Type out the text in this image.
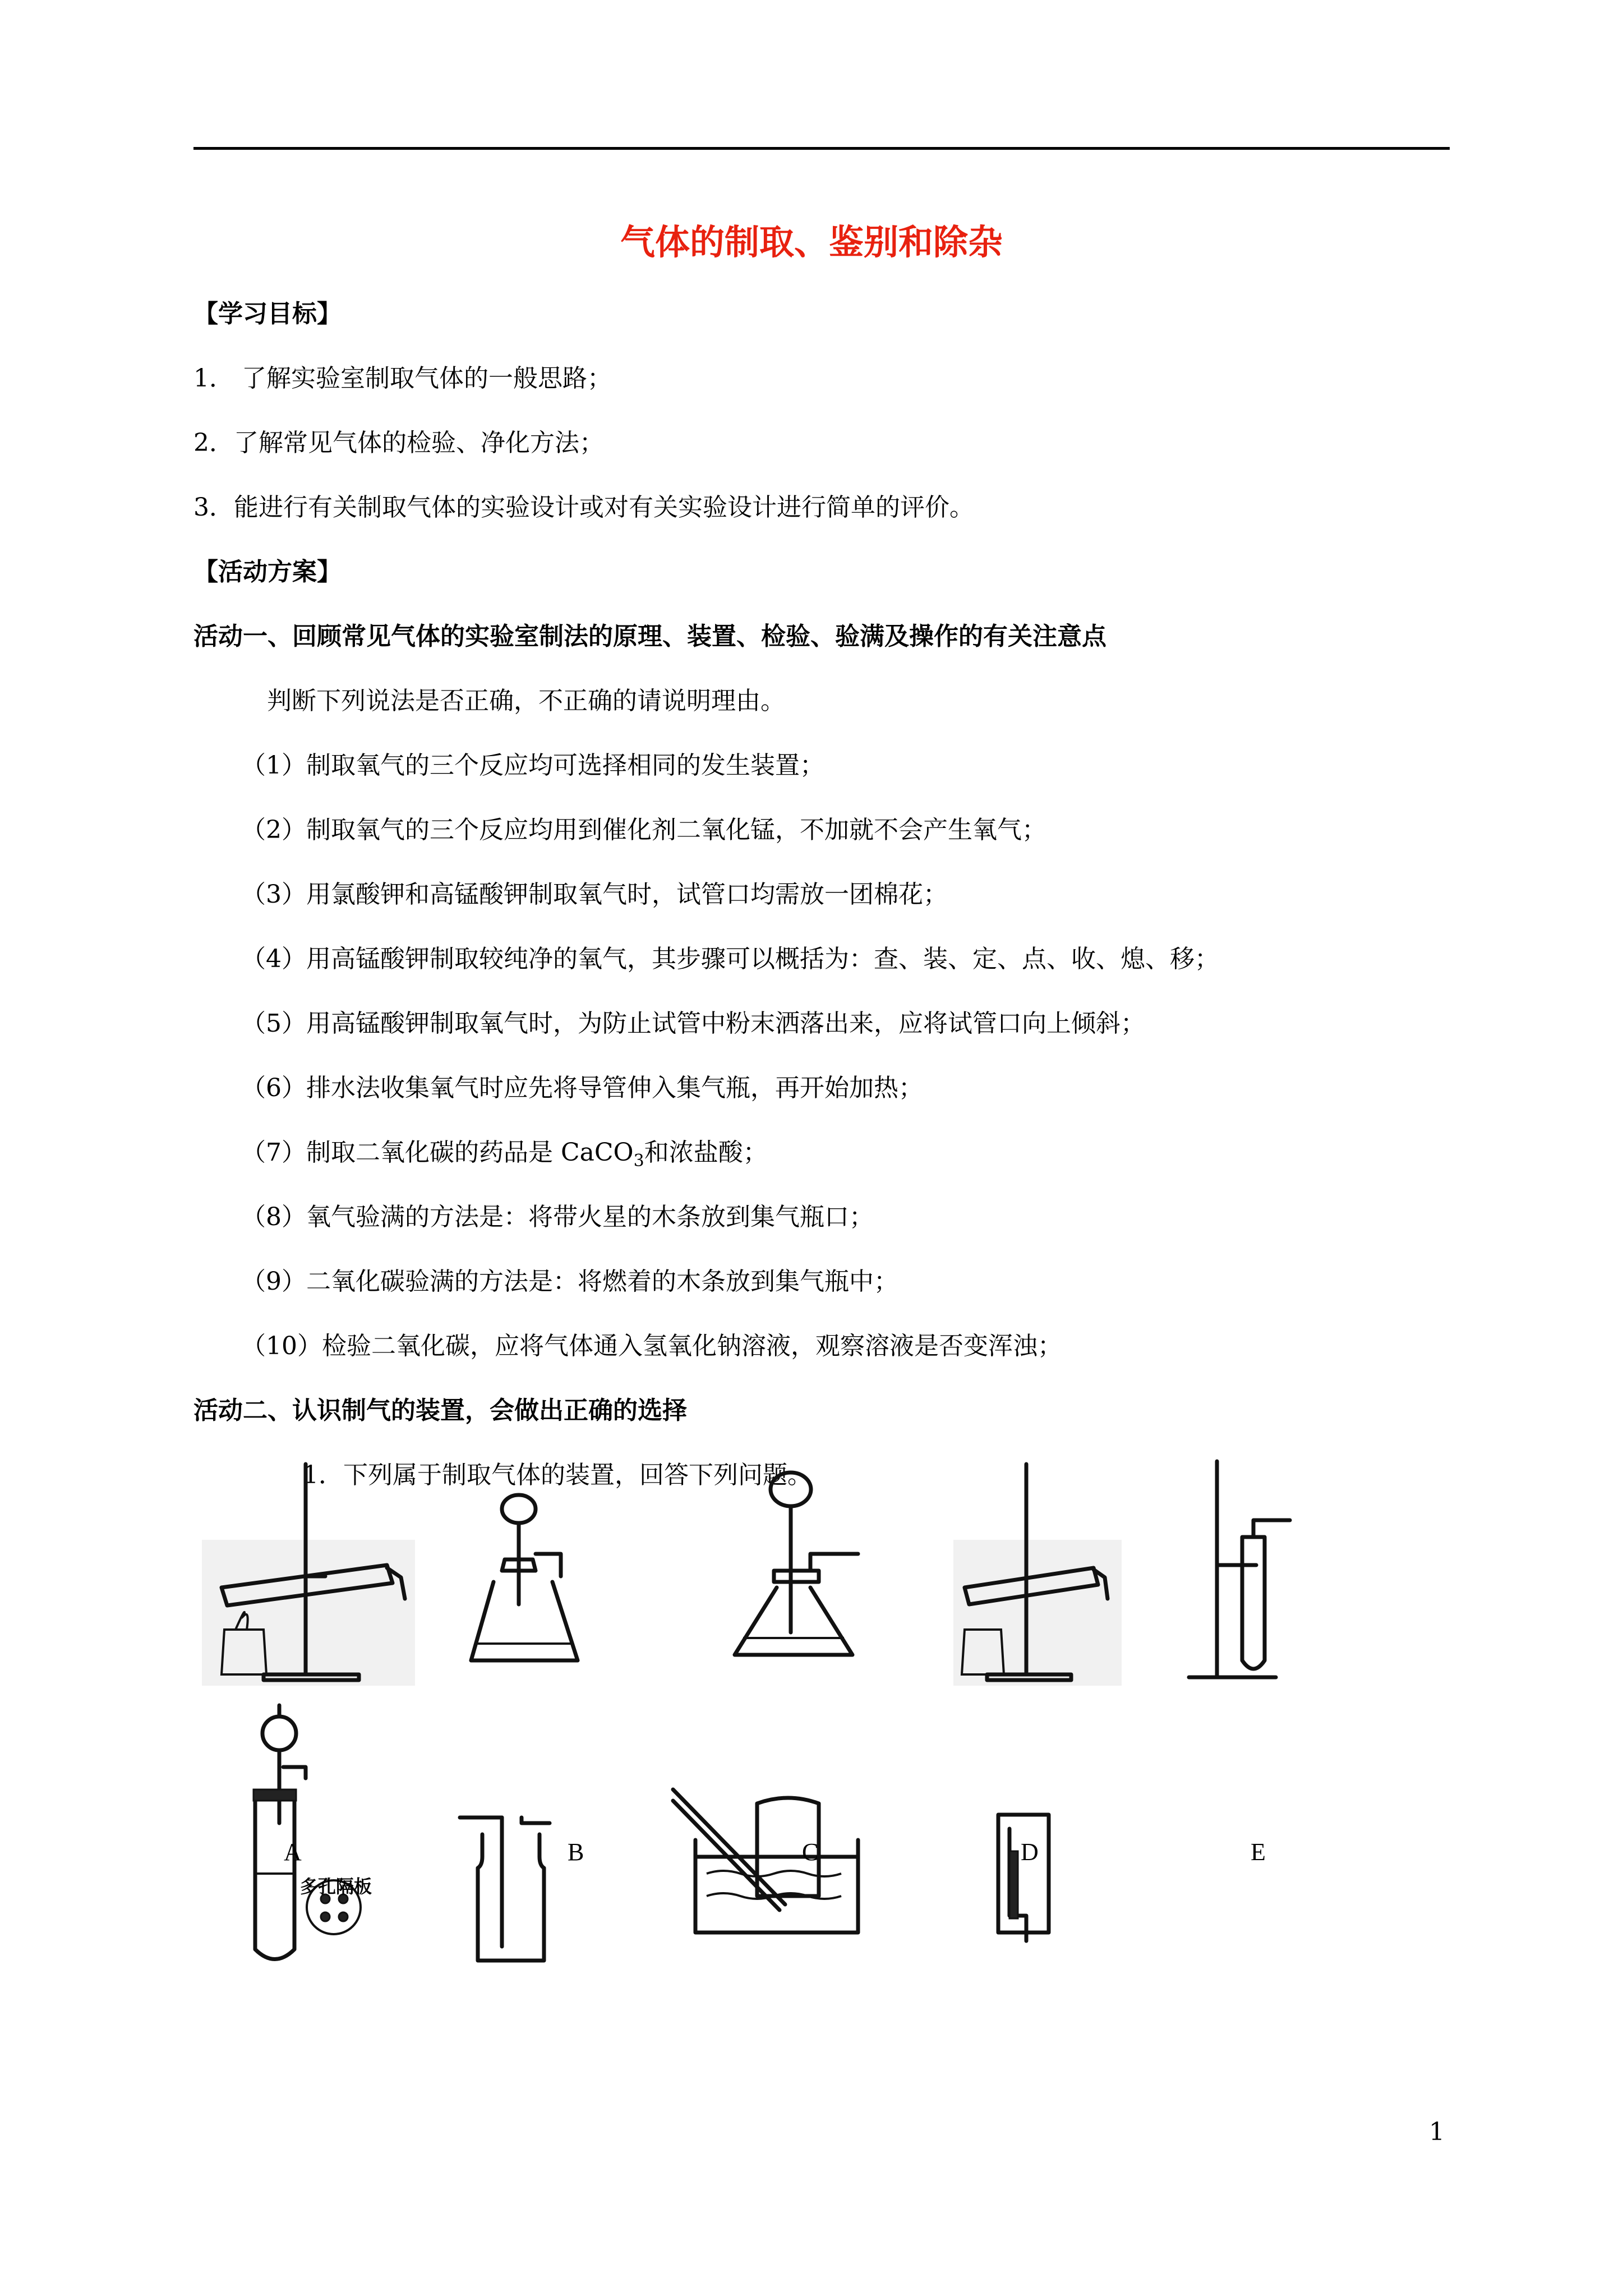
气体的制取、鉴别和除杂
【学习目标】
1． 了解实验室制取气体的一般思路；
2．了解常见气体的检验、净化方法；
3．能进行有关制取气体的实验设计或对有关实验设计进行简单的评价。
【活动方案】
活动一、回顾常见气体的实验室制法的原理、装置、检验、验满及操作的有关注意点
判断下列说法是否正确，不正确的请说明理由。
（1）制取氧气的三个反应均可选择相同的发生装置；
（2）制取氧气的三个反应均用到催化剂二氧化锰，不加就不会产生氧气；
（3）用氯酸钾和高锰酸钾制取氧气时，试管口均需放一团棉花；
（4）用高锰酸钾制取较纯净的氧气，其步骤可以概括为：查、装、定、点、收、熄、移；
（5）用高锰酸钾制取氧气时，为防止试管中粉末洒落出来，应将试管口向上倾斜；
（6）排水法收集氧气时应先将导管伸入集气瓶，再开始加热；
（7）制取二氧化碳的药品是 CaCO$_3$和浓盐酸；
（8）氧气验满的方法是：将带火星的木条放到集气瓶口；
（9）二氧化碳验满的方法是：将燃着的木条放到集气瓶中；
（10）检验二氧化碳，应将气体通入氢氧化钠溶液，观察溶液是否变浑浊；
活动二、认识制气的装置，会做出正确的选择
1．下列属于制取气体的装置，回答下列问题。
A	B	C	D	E
多孔隔板
1
